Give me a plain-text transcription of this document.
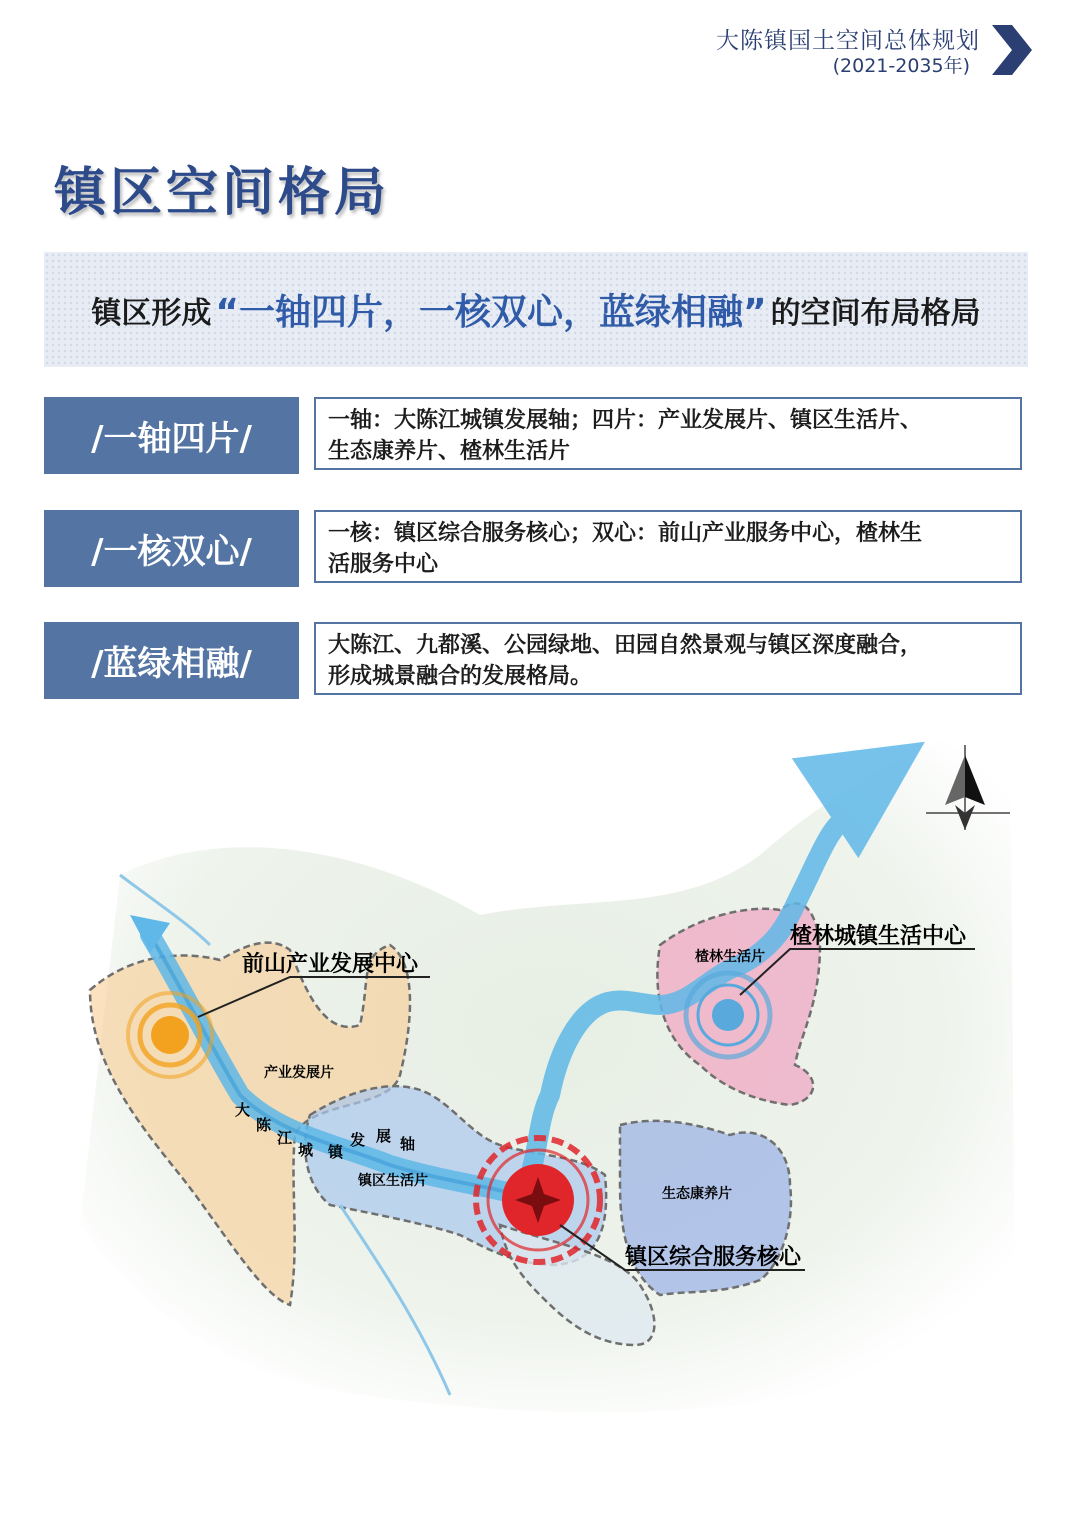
大陈镇国土空间总体规划
(2021-2035年)
镇区空间格局
镇区形成 “一轴四片，一核双心，蓝绿相融” 的空间布局格局
/一轴四片/	一轴：大陈江城镇发展轴；四片：产业发展片、镇区生活片、
生态康养片、楂林生活片
/一核双心/	一核：镇区综合服务核心；双心：前山产业服务中心，楂林生
活服务中心
/蓝绿相融/	大陈江、九都溪、公园绿地、田园自然景观与镇区深度融合，
形成城景融合的发展格局。
大
陈
江
城 镇
发 展 轴
前山产业发展中心
楂林城镇生活中心
镇区综合服务核心
产业发展片
镇区生活片
生态康养片
楂林生活片
